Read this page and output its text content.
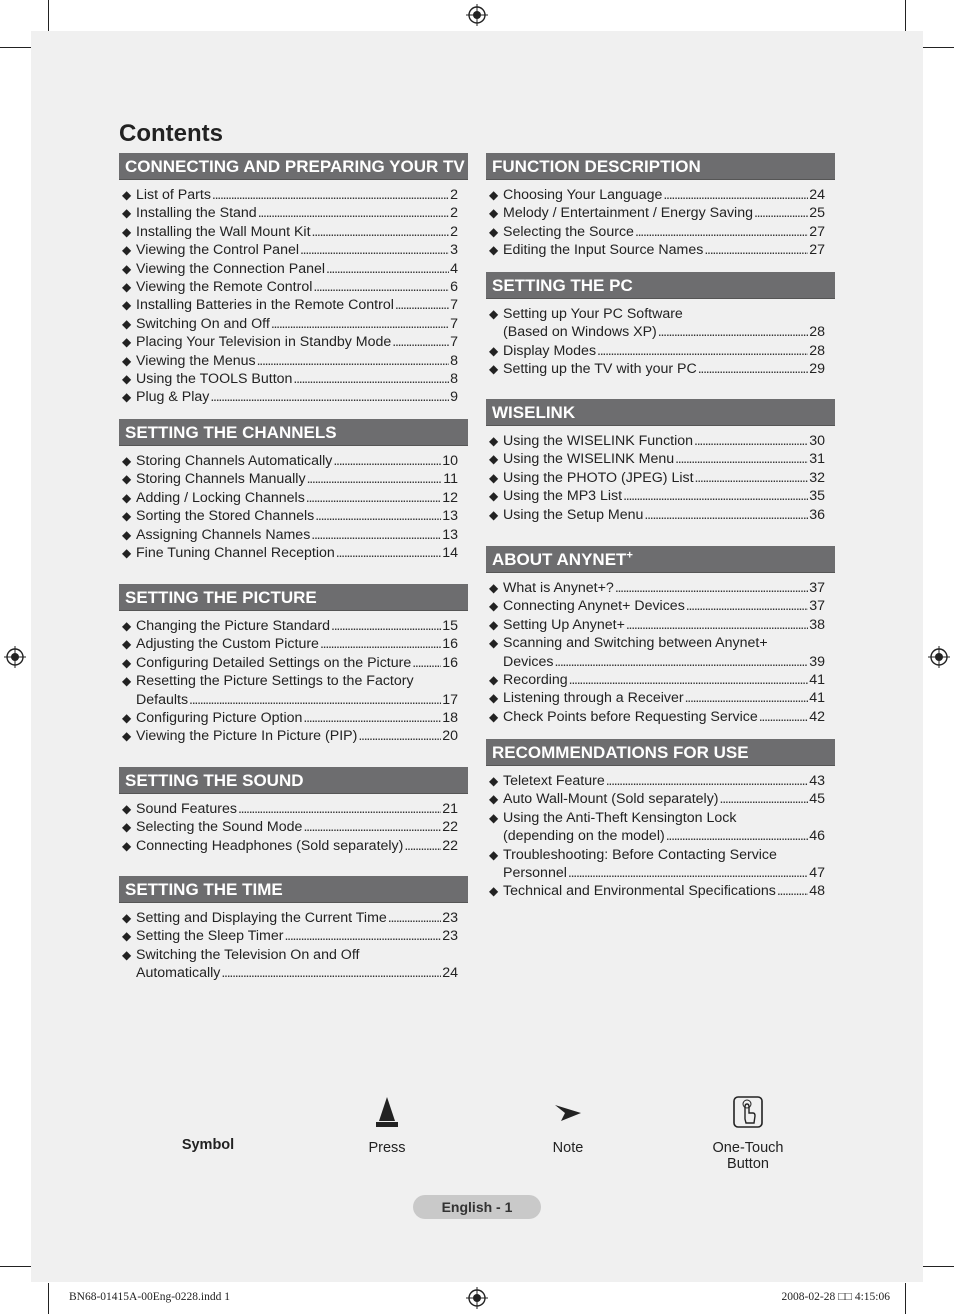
Contents
CONNECTING AND PREPARING YOUR TV
◆ List of Parts . . .	2
◆ Installing the Stand . . .	2
◆ Installing the Wall Mount Kit . . .	2
◆ Viewing the Control Panel . . .	3
◆ Viewing the Connection Panel . . .	4
◆ Viewing the Remote Control . . .	6
◆ Installing Batteries in the Remote Control . . .	7
◆ Switching On and Off . . .	7
◆ Placing Your Television in Standby Mode . . .	7
◆ Viewing the Menus . . .	8
◆ Using the TOOLS Button . . .	8
◆ Plug & Play . . .	9
SETTING THE CHANNELS
◆ Storing Channels Automatically . . .	10
◆ Storing Channels Manually . . .	11
◆ Adding / Locking Channels . . .	12
◆ Sorting the Stored Channels . . .	13
◆ Assigning Channels Names . . .	13
◆ Fine Tuning Channel Reception . . .	14
SETTING THE PICTURE
◆ Changing the Picture Standard . . .	15
◆ Adjusting the Custom Picture . . .	16
◆ Configuring Detailed Settings on the Picture . . . 16
◆ Resetting the Picture Settings to the Factory
Defaults . . .	17
◆ Configuring Picture Option . . .	18
◆ Viewing the Picture In Picture (PIP) . . .	20
SETTING THE SOUND
◆ Sound Features . . .	21
◆ Selecting the Sound Mode . . .	22
◆ Connecting Headphones (Sold separately) . . .	22
SETTING THE TIME
◆ Setting and Displaying the Current Time . . .	23
◆ Setting the Sleep Timer . . .	23
◆ Switching the Television On and Off
Automatically . . .	24
FUNCTION DESCRIPTION
◆ Choosing Your Language . . .	24
◆ Melody / Entertainment / Energy Saving . . .	25
◆ Selecting the Source . . .	27
◆ Editing the Input Source Names . . .	27
SETTING THE PC
◆ Setting up Your PC Software
(Based on Windows XP) . . .	28
◆ Display Modes . . .	28
◆ Setting up the TV with your PC . . .	29
WISELINK
◆ Using the WISELINK Function . . .	30
◆ Using the WISELINK Menu . . .	31
◆ Using the PHOTO (JPEG) List . . .	32
◆ Using the MP3 List . . .	35
◆ Using the Setup Menu . . .	36
ABOUT ANYNET+
◆ What is Anynet+? . . .	37
◆ Connecting Anynet+ Devices . . .	37
◆ Setting Up Anynet+ . . .	38
◆ Scanning and Switching between Anynet+
Devices . . .	39
◆ Recording . . .	41
◆ Listening through a Receiver . . .	41
◆ Check Points before Requesting Service . . .	42
RECOMMENDATIONS FOR USE
◆ Teletext Feature . . .	43
◆ Auto Wall-Mount (Sold separately) . . .	45
◆ Using the Anti-Theft Kensington Lock
(depending on the model) . . .	46
◆ Troubleshooting: Before Contacting Service
Personnel . . .	47
◆ Technical and Environmental Specifications . . . 48
Symbol	Press	Note	One-Touch
Button
English - 1
BN68-01415A-00Eng-0228.indd 1	2008-02-28 □□ 4:15:06
